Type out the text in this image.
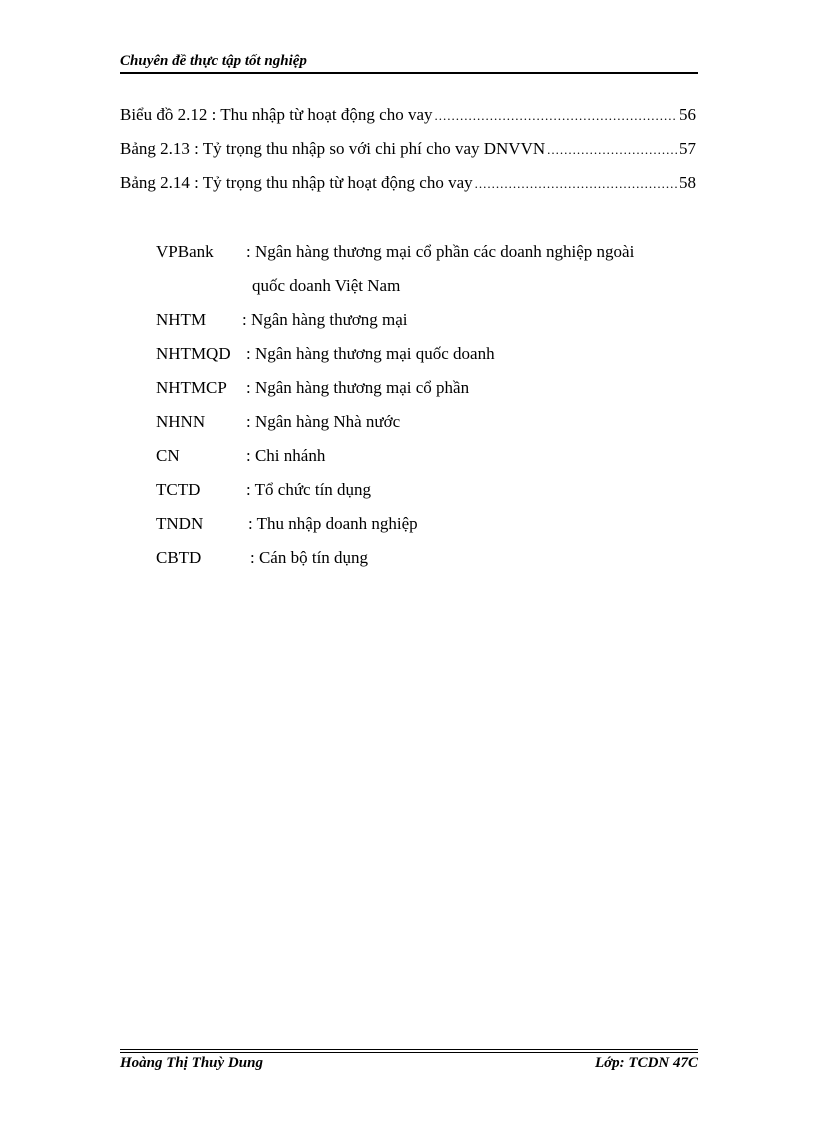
Chuyên đề thực tập tốt nghiệp
Biểu đồ 2.12 : Thu nhập từ hoạt động cho vay .....	56
Bảng 2.13 : Tỷ trọng thu nhập so với chi phí cho vay DNVVN .....	57
Bảng 2.14 : Tỷ trọng thu nhập từ hoạt động cho vay .....	58
VPBank : Ngân hàng thương mại cổ phần các doanh nghiệp ngoài
quốc doanh Việt Nam
NHTM : Ngân hàng thương mại
NHTMQD : Ngân hàng thương mại quốc doanh
NHTMCP : Ngân hàng thương mại cổ phần
NHNN : Ngân hàng Nhà nước
CN	: Chi nhánh
TCTD	: Tổ chức tín dụng
TNDN	: Thu nhập doanh nghiệp
CBTD	: Cán bộ tín dụng
Hoàng Thị Thuỳ Dung	Lớp: TCDN 47C
